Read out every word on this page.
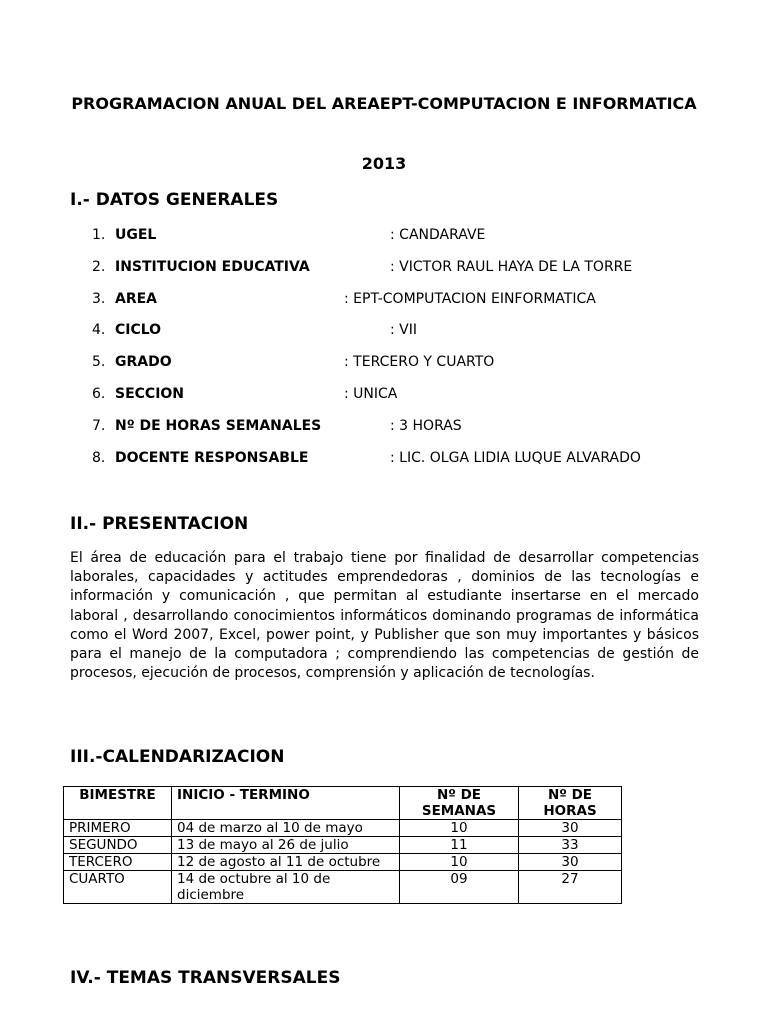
PROGRAMACION ANUAL DEL AREAEPT-COMPUTACION E INFORMATICA
2013
I.- DATOS GENERALES
1. UGEL	: CANDARAVE
2. INSTITUCION EDUCATIVA	: VICTOR RAUL HAYA DE LA TORRE
3. AREA	: EPT-COMPUTACION EINFORMATICA
4. CICLO	: VII
5. GRADO	: TERCERO Y CUARTO
6. SECCION	: UNICA
7. Nº DE HORAS SEMANALES	: 3 HORAS
8. DOCENTE RESPONSABLE	: LIC. OLGA LIDIA LUQUE ALVARADO
II.- PRESENTACION

El área de educación para el trabajo tiene por finalidad de desarrollar competencias laborales, capacidades y actitudes emprendedoras , dominios de las tecnologías e información y comunicación , que permitan al estudiante insertarse en el mercado laboral , desarrollando conocimientos informáticos dominando programas de informática como el Word 2007, Excel, power point, y Publisher que son muy importantes y básicos para el manejo de la computadora ; comprendiendo las competencias de gestión de procesos, ejecución de procesos, comprensión y aplicación de tecnologías.

III.-CALENDARIZACION
BIMESTRE	INICIO - TERMINO	Nº DE SEMANAS	Nº DE HORAS
PRIMERO	04 de marzo al 10 de mayo	10	30
SEGUNDO	13 de mayo al 26 de julio	11	33
TERCERO	12 de agosto al 11 de octubre	10	30
CUARTO	14 de octubre al 10 de diciembre	09	27
IV.- TEMAS TRANSVERSALES
